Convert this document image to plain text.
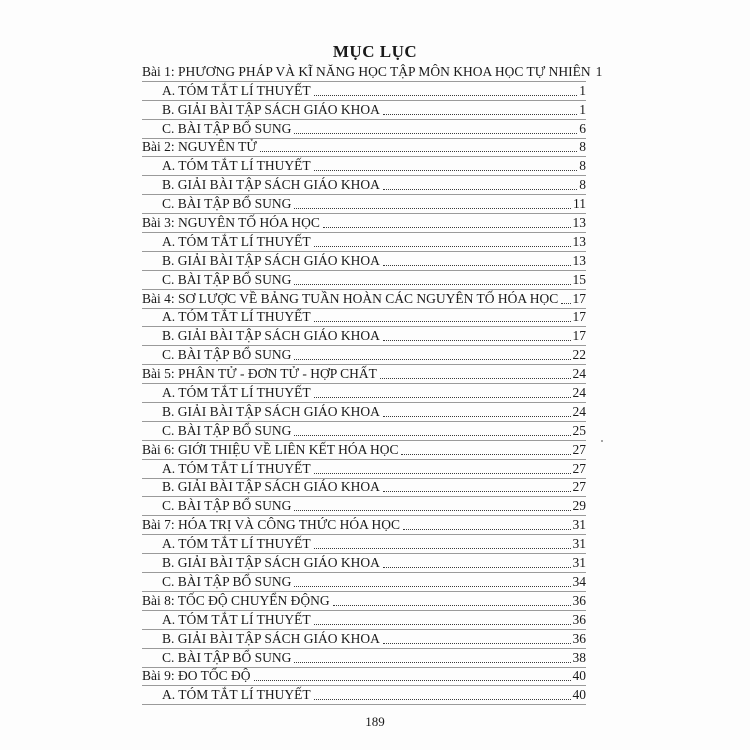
MỤC LỤC
Bài 1: PHƯƠNG PHÁP VÀ KĨ NĂNG HỌC TẬP MÔN KHOA HỌC TỰ NHIÊN 1
A. TÓM TẮT LÍ THUYẾT	1
B. GIẢI BÀI TẬP SÁCH GIÁO KHOA	1
C. BÀI TẬP BỔ SUNG	6
Bài 2: NGUYÊN TỬ	8
A. TÓM TẮT LÍ THUYẾT	8
B. GIẢI BÀI TẬP SÁCH GIÁO KHOA	8
C. BÀI TẬP BỔ SUNG	11
Bài 3: NGUYÊN TỐ HÓA HỌC	13
A. TÓM TẮT LÍ THUYẾT	13
B. GIẢI BÀI TẬP SÁCH GIÁO KHOA	13
C. BÀI TẬP BỔ SUNG	15
Bài 4: SƠ LƯỢC VỀ BẢNG TUẦN HOÀN CÁC NGUYÊN TỐ HÓA HỌC 17
A. TÓM TẮT LÍ THUYẾT	17
B. GIẢI BÀI TẬP SÁCH GIÁO KHOA	17
C. BÀI TẬP BỔ SUNG	22
Bài 5: PHÂN TỬ - ĐƠN TỬ - HỢP CHẤT	24
A. TÓM TẮT LÍ THUYẾT	24
B. GIẢI BÀI TẬP SÁCH GIÁO KHOA	24
C. BÀI TẬP BỔ SUNG	25
Bài 6: GIỚI THIỆU VỀ LIÊN KẾT HÓA HỌC	27
A. TÓM TẮT LÍ THUYẾT	27
B. GIẢI BÀI TẬP SÁCH GIÁO KHOA	27
C. BÀI TẬP BỔ SUNG	29
Bài 7: HÓA TRỊ VÀ CÔNG THỨC HÓA HỌC	31
A. TÓM TẮT LÍ THUYẾT	31
B. GIẢI BÀI TẬP SÁCH GIÁO KHOA	31
C. BÀI TẬP BỔ SUNG	34
Bài 8: TỐC ĐỘ CHUYỂN ĐỘNG	36
A. TÓM TẮT LÍ THUYẾT	36
B. GIẢI BÀI TẬP SÁCH GIÁO KHOA	36
C. BÀI TẬP BỔ SUNG	38
Bài 9: ĐO TỐC ĐỘ	40
A. TÓM TẮT LÍ THUYẾT	40
189
